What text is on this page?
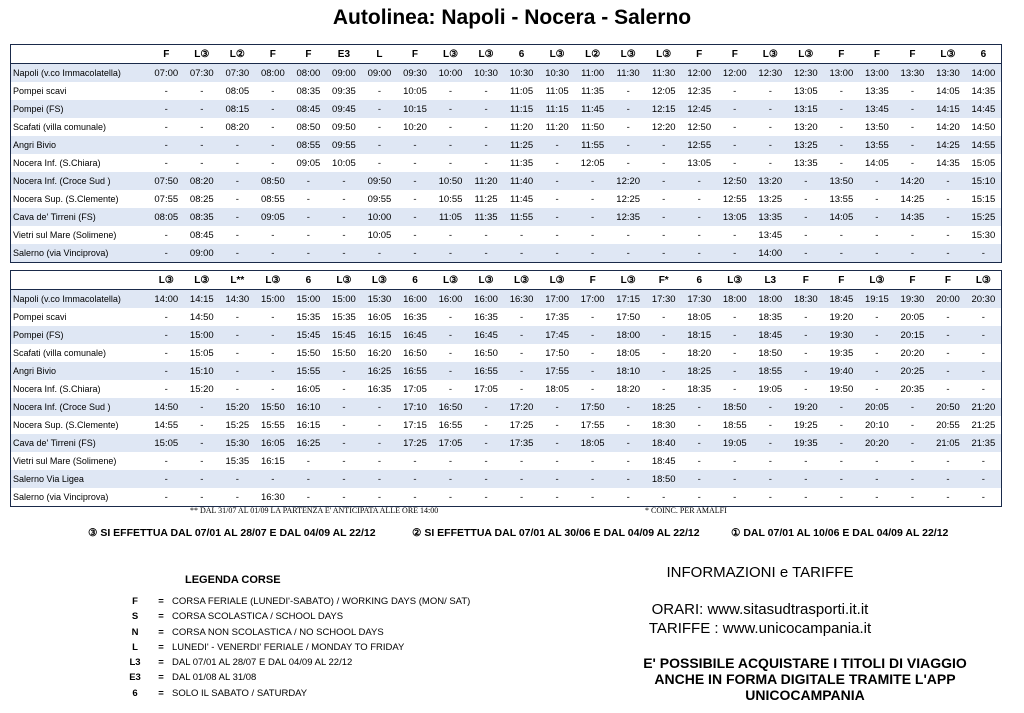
Autolinea: Napoli - Nocera - Salerno
	F	L③	L②	F	F	E3	L	F	L③	L③	6	L③	L②	L③	L③	F	F	L③	L③	F	F	F	L③	6
Napoli (v.co Immacolatella)	07:00	07:30	07:30	08:00	08:00	09:00	09:00	09:30	10:00	10:30	10:30	10:30	11:00	11:30	11:30	12:00	12:00	12:30	12:30	13:00	13:00	13:30	13:30	14:00
Pompei scavi	-	-	08:05	-	08:35	09:35	-	10:05	-	-	11:05	11:05	11:35	-	12:05	12:35	-	-	13:05	-	13:35	-	14:05	14:35
Pompei (FS)	-	-	08:15	-	08:45	09:45	-	10:15	-	-	11:15	11:15	11:45	-	12:15	12:45	-	-	13:15	-	13:45	-	14:15	14:45
Scafati (villa comunale)	-	-	08:20	-	08:50	09:50	-	10:20	-	-	11:20	11:20	11:50	-	12:20	12:50	-	-	13:20	-	13:50	-	14:20	14:50
Angri Bivio	-	-	-	-	08:55	09:55	-	-	-	-	11:25	-	11:55	-	-	12:55	-	-	13:25	-	13:55	-	14:25	14:55
Nocera Inf. (S.Chiara)	-	-	-	-	09:05	10:05	-	-	-	-	11:35	-	12:05	-	-	13:05	-	-	13:35	-	14:05	-	14:35	15:05
Nocera Inf. (Croce Sud )	07:50	08:20	-	08:50	-	-	09:50	-	10:50	11:20	11:40	-	-	12:20	-	-	12:50	13:20	-	13:50	-	14:20	-	15:10
Nocera Sup. (S.Clemente)	07:55	08:25	-	08:55	-	-	09:55	-	10:55	11:25	11:45	-	-	12:25	-	-	12:55	13:25	-	13:55	-	14:25	-	15:15
Cava de' Tirreni (FS)	08:05	08:35	-	09:05	-	-	10:00	-	11:05	11:35	11:55	-	-	12:35	-	-	13:05	13:35	-	14:05	-	14:35	-	15:25
Vietri sul Mare (Solimene)	-	08:45	-	-	-	-	10:05	-	-	-	-	-	-	-	-	-	-	13:45	-	-	-	-	-	15:30
Salerno (via Vinciprova)	-	09:00	-	-	-	-	-	-	-	-	-	-	-	-	-	-	-	14:00	-	-	-	-	-	-
	L③	L③	L**	L③	6	L③	L③	6	L③	L③	L③	L③	F	L③	F*	6	L③	L3	F	F	L③	F	F	L③
Napoli (v.co Immacolatella)	14:00	14:15	14:30	15:00	15:00	15:00	15:30	16:00	16:00	16:00	16:30	17:00	17:00	17:15	17:30	17:30	18:00	18:00	18:30	18:45	19:15	19:30	20:00	20:30
Pompei scavi	-	14:50	-	-	15:35	15:35	16:05	16:35	-	16:35	-	17:35	-	17:50	-	18:05	-	18:35	-	19:20	-	20:05	-	-
Pompei (FS)	-	15:00	-	-	15:45	15:45	16:15	16:45	-	16:45	-	17:45	-	18:00	-	18:15	-	18:45	-	19:30	-	20:15	-	-
Scafati (villa comunale)	-	15:05	-	-	15:50	15:50	16:20	16:50	-	16:50	-	17:50	-	18:05	-	18:20	-	18:50	-	19:35	-	20:20	-	-
Angri Bivio	-	15:10	-	-	15:55	-	16:25	16:55	-	16:55	-	17:55	-	18:10	-	18:25	-	18:55	-	19:40	-	20:25	-	-
Nocera Inf. (S.Chiara)	-	15:20	-	-	16:05	-	16:35	17:05	-	17:05	-	18:05	-	18:20	-	18:35	-	19:05	-	19:50	-	20:35	-	-
Nocera Inf. (Croce Sud )	14:50	-	15:20	15:50	16:10	-	-	17:10	16:50	-	17:20	-	17:50	-	18:25	-	18:50	-	19:20	-	20:05	-	20:50	21:20
Nocera Sup. (S.Clemente)	14:55	-	15:25	15:55	16:15	-	-	17:15	16:55	-	17:25	-	17:55	-	18:30	-	18:55	-	19:25	-	20:10	-	20:55	21:25
Cava de' Tirreni (FS)	15:05	-	15:30	16:05	16:25	-	-	17:25	17:05	-	17:35	-	18:05	-	18:40	-	19:05	-	19:35	-	20:20	-	21:05	21:35
Vietri sul Mare (Solimene)	-	-	15:35	16:15	-	-	-	-	-	-	-	-	-	-	18:45	-	-	-	-	-	-	-	-	-
Salerno Via Ligea	-	-	-	-	-	-	-	-	-	-	-	-	-	-	18:50	-	-	-	-	-	-	-	-	-
Salerno (via Vinciprova)	-	-	-	16:30	-	-	-	-	-	-	-	-	-	-	-	-	-	-	-	-	-	-	-	-
** DAL 31/07 AL 01/09 LA PARTENZA E' ANTICIPATA ALLE ORE 14:00	* COINC. PER AMALFI
③ SI EFFETTUA DAL 07/01 AL 28/07 E DAL 04/09 AL 22/12	② SI EFFETTUA DAL 07/01 AL 30/06 E DAL 04/09 AL 22/12	① DAL 07/01 AL 10/06 E DAL 04/09 AL 22/12
LEGENDA CORSE
F	= CORSA FERIALE (LUNEDI'-SABATO) / WORKING DAYS (MON/ SAT)
S	= CORSA SCOLASTICA / SCHOOL DAYS
N	= CORSA NON SCOLASTICA / NO SCHOOL DAYS
L	= LUNEDI' - VENERDI' FERIALE / MONDAY TO FRIDAY
L3	= DAL 07/01 AL 28/07 E DAL 04/09 AL 22/12
E3	= DAL 01/08 AL 31/08
6	= SOLO IL SABATO / SATURDAY
INFORMAZIONI e TARIFFE
ORARI: www.sitasudtrasporti.it.it
TARIFFE : www.unicocampania.it
E' POSSIBILE ACQUISTARE I TITOLI DI VIAGGIO
ANCHE IN FORMA DIGITALE TRAMITE L'APP
UNICOCAMPANIA
